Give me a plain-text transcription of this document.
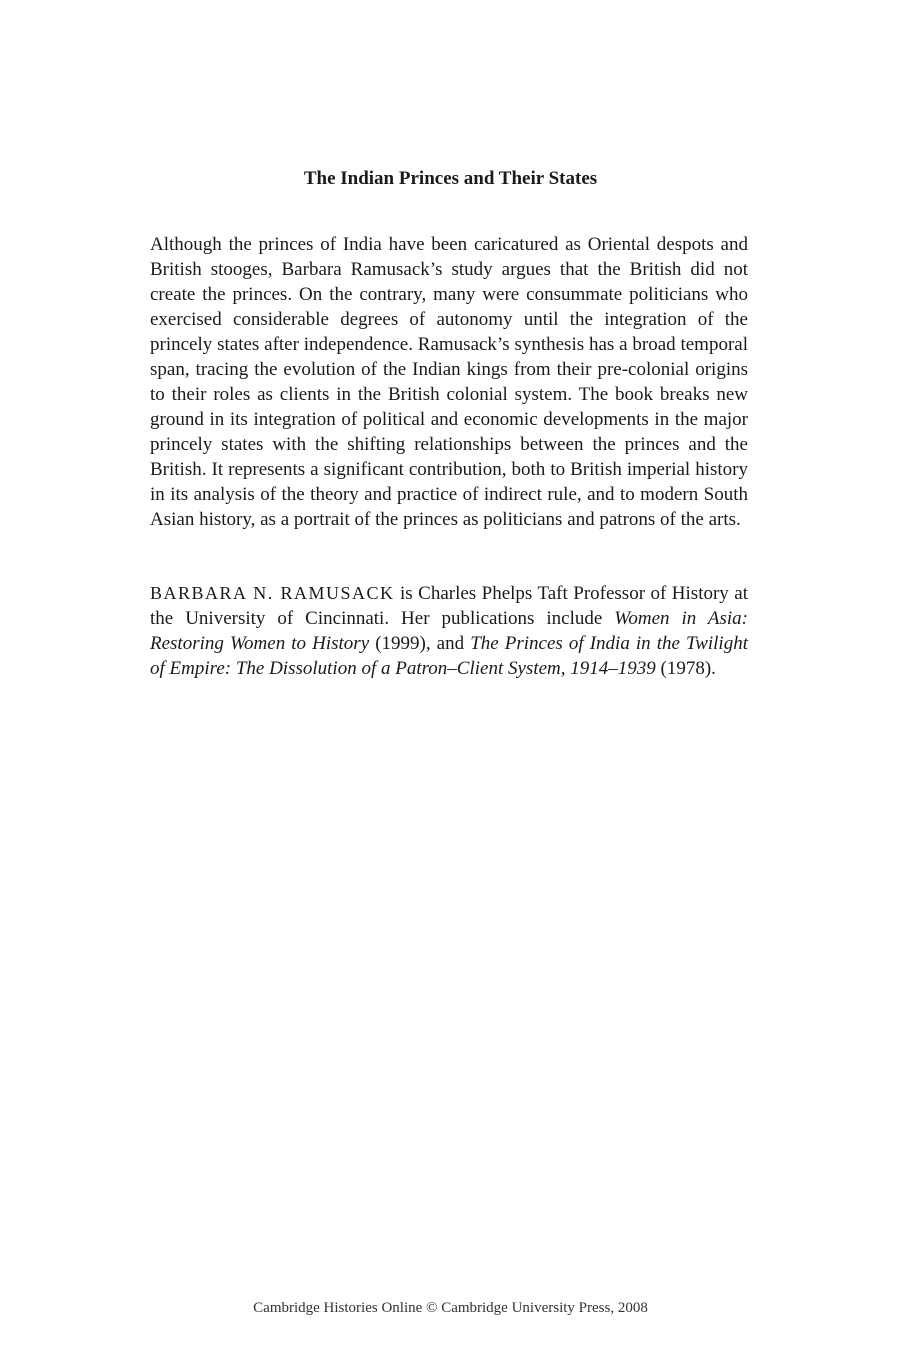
The Indian Princes and Their States

Although the princes of India have been caricatured as Oriental despots and British stooges, Barbara Ramusack’s study argues that the British did not create the princes. On the contrary, many were consummate politicians who exercised considerable degrees of autonomy until the integration of the princely states after independence. Ramusack’s synthesis has a broad temporal span, tracing the evolution of the Indian kings from their pre-colonial origins to their roles as clients in the British colonial system. The book breaks new ground in its integration of political and economic developments in the major princely states with the shifting relationships between the princes and the British. It represents a significant contribution, both to British imperial history in its analysis of the theory and practice of indirect rule, and to modern South Asian history, as a portrait of the princes as politicians and patrons of the arts.

BARBARA N. RAMUSACK is Charles Phelps Taft Professor of History at the University of Cincinnati. Her publications include Women in Asia: Restoring Women to History (1999), and The Princes of India in the Twilight of Empire: The Dissolution of a Patron–Client System, 1914–1939 (1978).

Cambridge Histories Online © Cambridge University Press, 2008
